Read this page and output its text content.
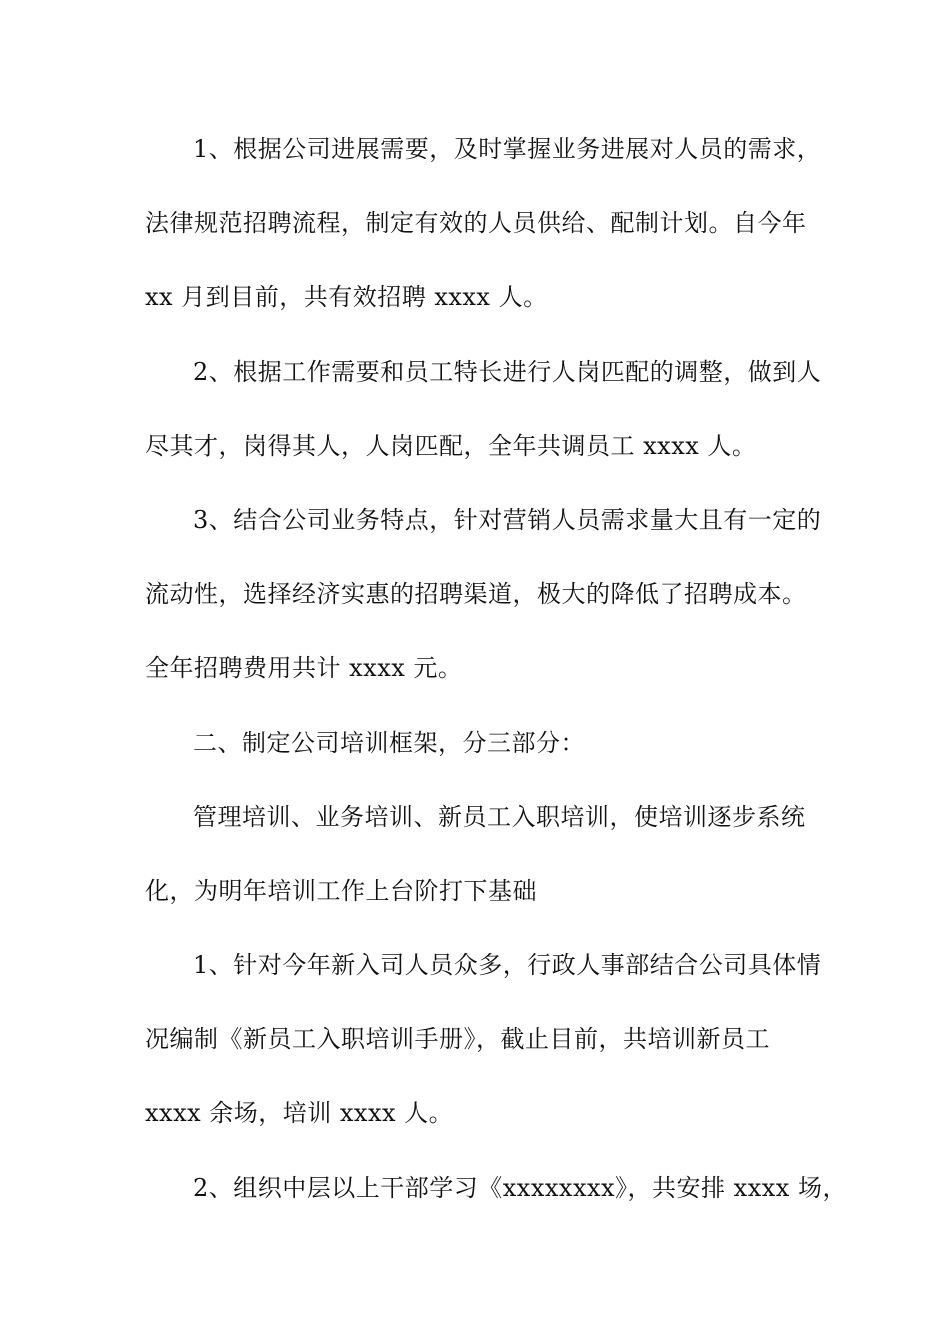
1、根据公司进展需要，及时掌握业务进展对人员的需求，
法律规范招聘流程，制定有效的人员供给、配制计划。自今年
xx 月到目前，共有效招聘 xxxx 人。
2、根据工作需要和员工特长进行人岗匹配的调整，做到人
尽其才，岗得其人，人岗匹配，全年共调员工 xxxx 人。
3、结合公司业务特点，针对营销人员需求量大且有一定的
流动性，选择经济实惠的招聘渠道，极大的降低了招聘成本。
全年招聘费用共计 xxxx 元。
二、制定公司培训框架，分三部分：
管理培训、业务培训、新员工入职培训，使培训逐步系统
化，为明年培训工作上台阶打下基础
1、针对今年新入司人员众多，行政人事部结合公司具体情
况编制《新员工入职培训手册》，截止目前，共培训新员工
xxxx 余场，培训 xxxx 人。
2、组织中层以上干部学习《xxxxxxxx》，共安排 xxxx 场，
